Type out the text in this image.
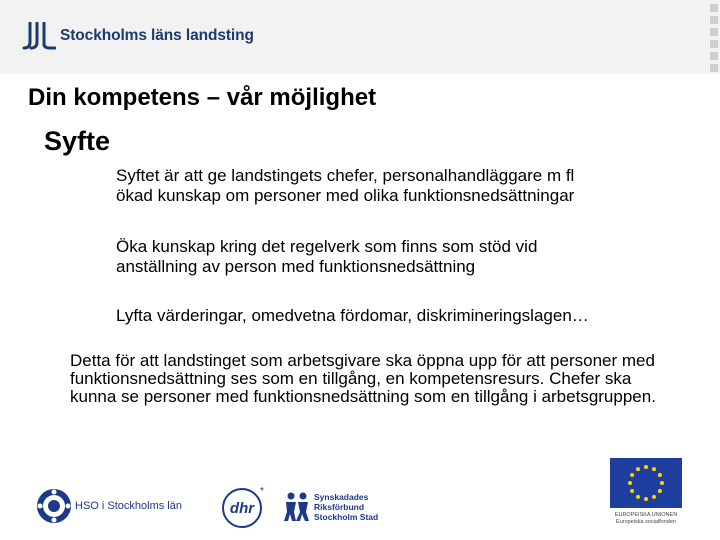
Stockholms läns landsting
Din kompetens – vår möjlighet
Syfte
Syftet är att ge landstingets chefer, personalhandläggare m fl
ökad kunskap om personer med olika funktionsnedsättningar
Öka kunskap kring det regelverk som finns som stöd vid
anställning av person med funktionsnedsättning
Lyfta värderingar, omedvetna fördomar, diskrimineringslagen…

Detta för att landstinget som arbetsgivare ska öppna upp för att personer med funktionsnedsättning ses som en tillgång, en kompetensresurs. Chefer ska kunna se personer med funktionsnedsättning som en tillgång i arbetsgruppen.

HSO i Stockholms län	dhr
*	Synskadades
Riksförbund
Stockholm Stad	EUROPEISKA UNIONEN
Europeiska socialfonden
